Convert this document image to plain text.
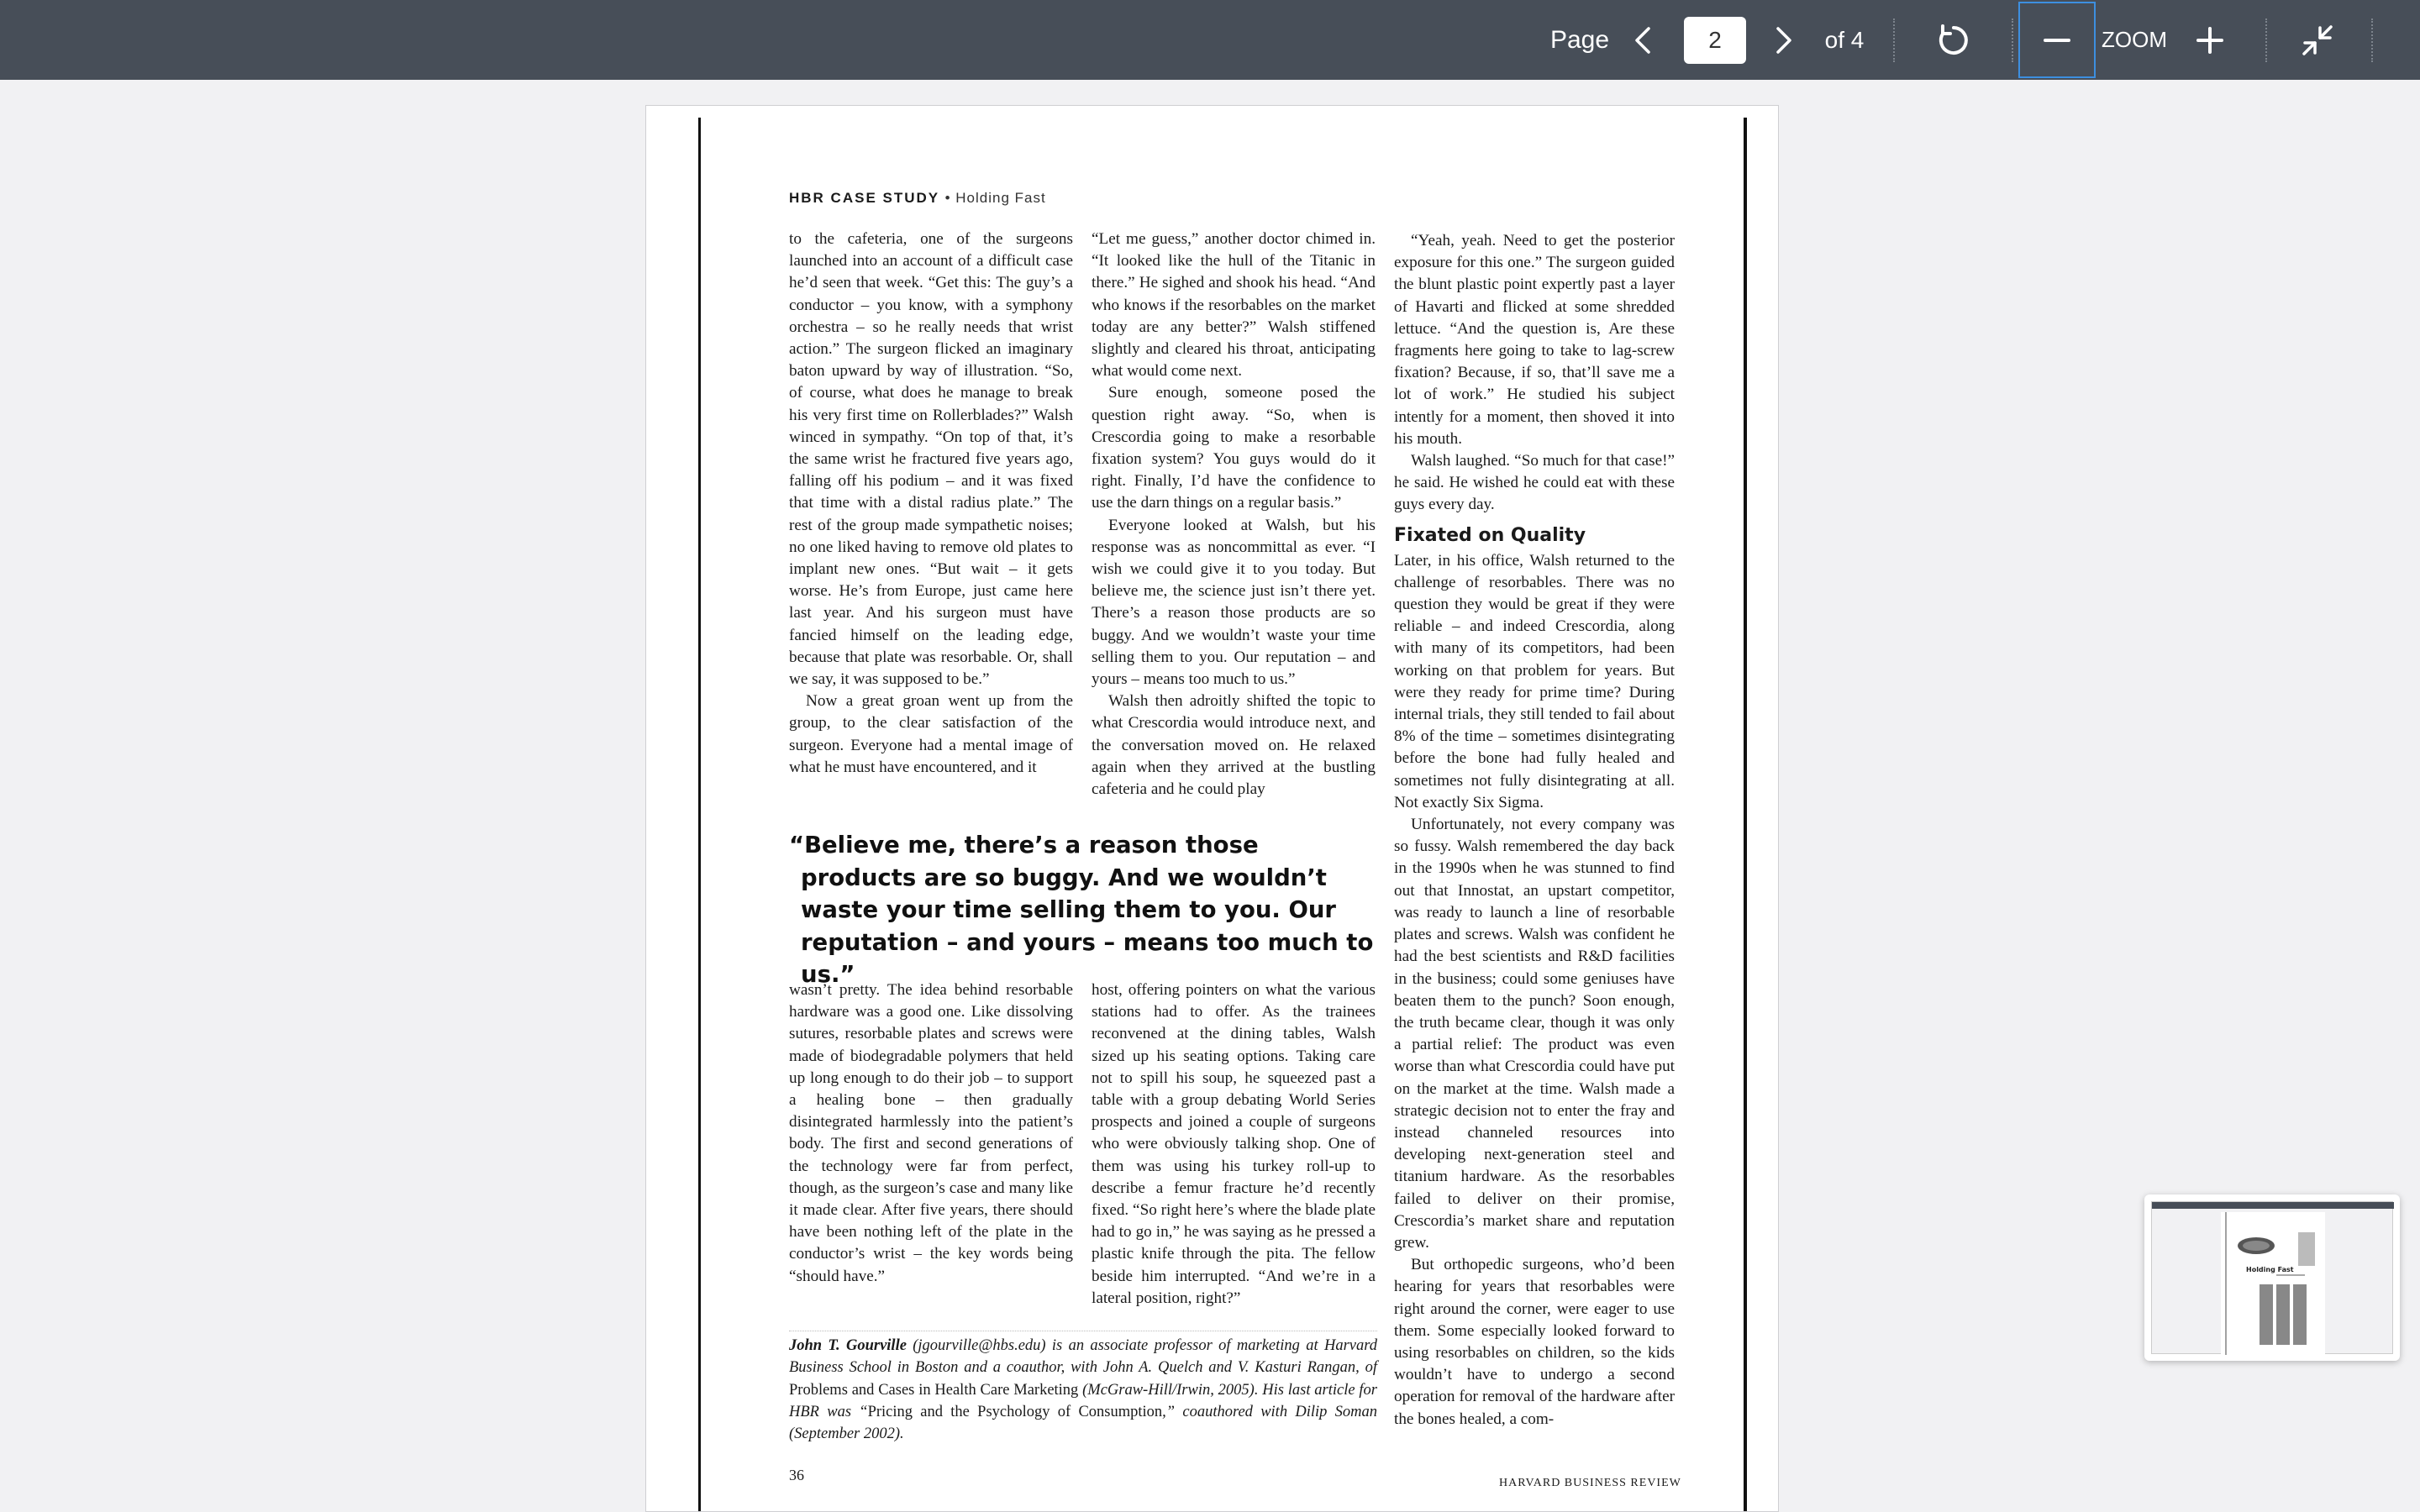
Page
2	of 4	ZOOM
HBR CASE STUDY • Holding Fast

to the cafeteria, one of the surgeons launched into an account of a difficult case he’d seen that week. “Get this: The guy’s a conductor – you know, with a symphony orchestra – so he really needs that wrist action.” The surgeon flicked an imaginary baton upward by way of illustration. “So, of course, what does he manage to break his very first time on Rollerblades?” Walsh winced in sympathy. “On top of that, it’s the same wrist he fractured five years ago, falling off his podium – and it was fixed that time with a distal radius plate.” The rest of the group made sympathetic noises; no one liked having to remove old plates to implant new ones. “But wait – it gets worse. He’s from Europe, just came here last year. And his surgeon must have fancied himself on the leading edge, because that plate was resorbable. Or, shall we say, it was supposed to be.”

Now a great groan went up from the group, to the clear satisfaction of the surgeon. Everyone had a mental image of what he must have encountered, and it

“Let me guess,” another doctor chimed in. “It looked like the hull of the Titanic in there.” He sighed and shook his head. “And who knows if the resorbables on the market today are any better?” Walsh stiffened slightly and cleared his throat, anticipating what would come next.

Sure enough, someone posed the question right away. “So, when is Crescordia going to make a resorbable fixation system? You guys would do it right. Finally, I’d have the confidence to use the darn things on a regular basis.”

Everyone looked at Walsh, but his response was as noncommittal as ever. “I wish we could give it to you today. But believe me, the science just isn’t there yet. There’s a reason those products are so buggy. And we wouldn’t waste your time selling them to you. Our reputation – and yours – means too much to us.”

Walsh then adroitly shifted the topic to what Crescordia would introduce next, and the conversation moved on. He relaxed again when they arrived at the bustling cafeteria and he could play

“Yeah, yeah. Need to get the posterior exposure for this one.” The surgeon guided the blunt plastic point expertly past a layer of Havarti and flicked at some shredded lettuce. “And the question is, Are these fragments here going to take to lag-screw fixation? Because, if so, that’ll save me a lot of work.” He studied his subject intently for a moment, then shoved it into his mouth.

Walsh laughed. “So much for that case!” he said. He wished he could eat with these guys every day.

Fixated on Quality

Later, in his office, Walsh returned to the challenge of resorbables. There was no question they would be great if they were reliable – and indeed Crescordia, along with many of its competitors, had been working on that problem for years. But were they ready for prime time? During internal trials, they still tended to fail about 8% of the time – sometimes disintegrating before the bone had fully healed and sometimes not fully disintegrating at all. Not exactly Six Sigma.

Unfortunately, not every company was so fussy. Walsh remembered the day back in the 1990s when he was stunned to find out that Innostat, an upstart competitor, was ready to launch a line of resorbable plates and screws. Walsh was confident he had the best scientists and R&D facilities in the business; could some geniuses have beaten them to the punch? Soon enough, the truth became clear, though it was only a partial relief: The product was even worse than what Crescordia could have put on the market at the time. Walsh made a strategic decision not to enter the fray and instead channeled resources into developing next-generation steel and titanium hardware. As the resorbables failed to deliver on their promise, Crescordia’s market share and reputation grew.

But orthopedic surgeons, who’d been hearing for years that resorbables were right around the corner, were eager to use them. Some especially looked forward to using resorbables on children, so the kids wouldn’t have to undergo a second operation for removal of the hardware after the bones healed, a com-

“Believe me, there’s a reason those products are so buggy. And we wouldn’t waste your time selling them to you. Our reputation – and yours – means too much to us.”

wasn’t pretty. The idea behind resorbable hardware was a good one. Like dissolving sutures, resorbable plates and screws were made of biodegradable polymers that held up long enough to do their job – to support a healing bone – then gradually disintegrated harmlessly into the patient’s body. The first and second generations of the technology were far from perfect, though, as the surgeon’s case and many like it made clear. After five years, there should have been nothing left of the plate in the conductor’s wrist – the key words being “should have.”

host, offering pointers on what the various stations had to offer. As the trainees reconvened at the dining tables, Walsh sized up his seating options. Taking care not to spill his soup, he squeezed past a table with a group debating World Series prospects and joined a couple of surgeons who were obviously talking shop. One of them was using his turkey roll-up to describe a femur fracture he’d recently fixed. “So right here’s where the blade plate had to go in,” he was saying as he pressed a plastic knife through the pita. The fellow beside him interrupted. “And we’re in a lateral position, right?”

John T. Gourville (jgourville@hbs.edu) is an associate professor of marketing at Harvard Business School in Boston and a coauthor, with John A. Quelch and V. Kasturi Rangan, of Problems and Cases in Health Care Marketing (McGraw-Hill/Irwin, 2005). His last article for HBR was “Pricing and the Psychology of Consumption,” coauthored with Dilip Soman (September 2002).
36	HARVARD BUSINESS REVIEW
Holding Fast
